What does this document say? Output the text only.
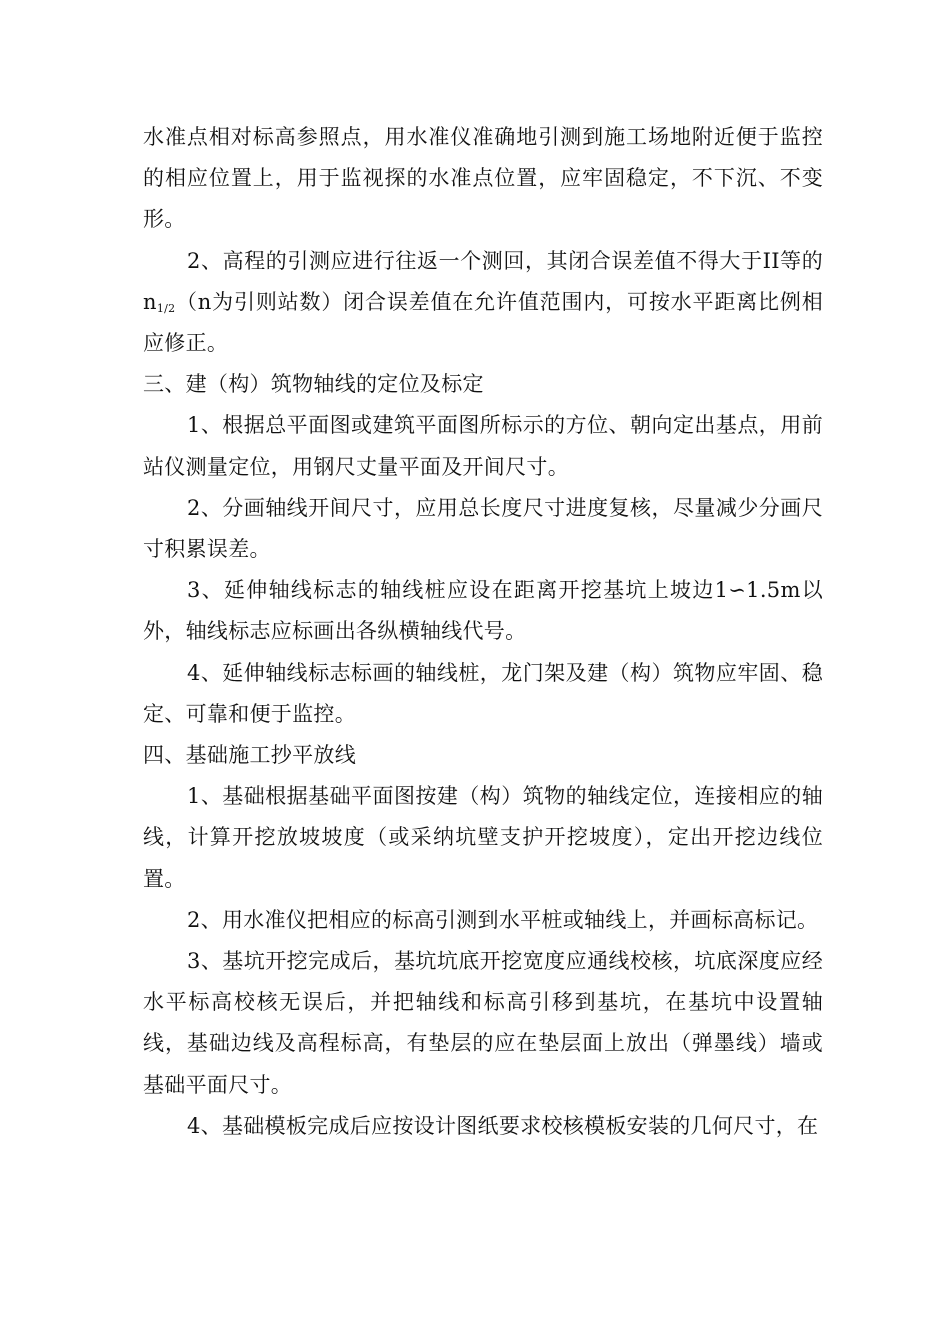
水准点相对标高参照点，用水准仪准确地引测到施工场地附近便于监控的相应位置上，用于监视探的水准点位置，应牢固稳定，不下沉、不变形。

2、高程的引测应进行往返一个测回，其闭合误差值不得大于II等的$n_{1/2}(n$为引则站数）闭合误差值在允许值范围内，可按水平距离比例相应修正。

三、建（构）筑物轴线的定位及标定

1、根据总平面图或建筑平面图所标示的方位、朝向定出基点，用前站仪测量定位，用钢尺丈量平面及开间尺寸。

2、分画轴线开间尺寸，应用总长度尺寸进度复核，尽量减少分画尺寸积累误差。

3、延伸轴线标志的轴线桩应设在距离开挖基坑上坡边1∽1.5m以外，轴线标志应标画出各纵横轴线代号。

4、延伸轴线标志标画的轴线桩，龙门架及建（构）筑物应牢固、稳定、可靠和便于监控。

四、基础施工抄平放线

1、基础根据基础平面图按建（构）筑物的轴线定位，连接相应的轴线，计算开挖放坡坡度（或采纳坑壁支护开挖坡度），定出开挖边线位置。

2、用水准仪把相应的标高引测到水平桩或轴线上，并画标高标记。

3、基坑开挖完成后，基坑坑底开挖宽度应通线校核，坑底深度应经水平标高校核无误后，并把轴线和标高引移到基坑，在基坑中设置轴线，基础边线及高程标高，有垫层的应在垫层面上放出（弹墨线）墙或基础平面尺寸。

4、基础模板完成后应按设计图纸要求校核模板安装的几何尺寸，在
